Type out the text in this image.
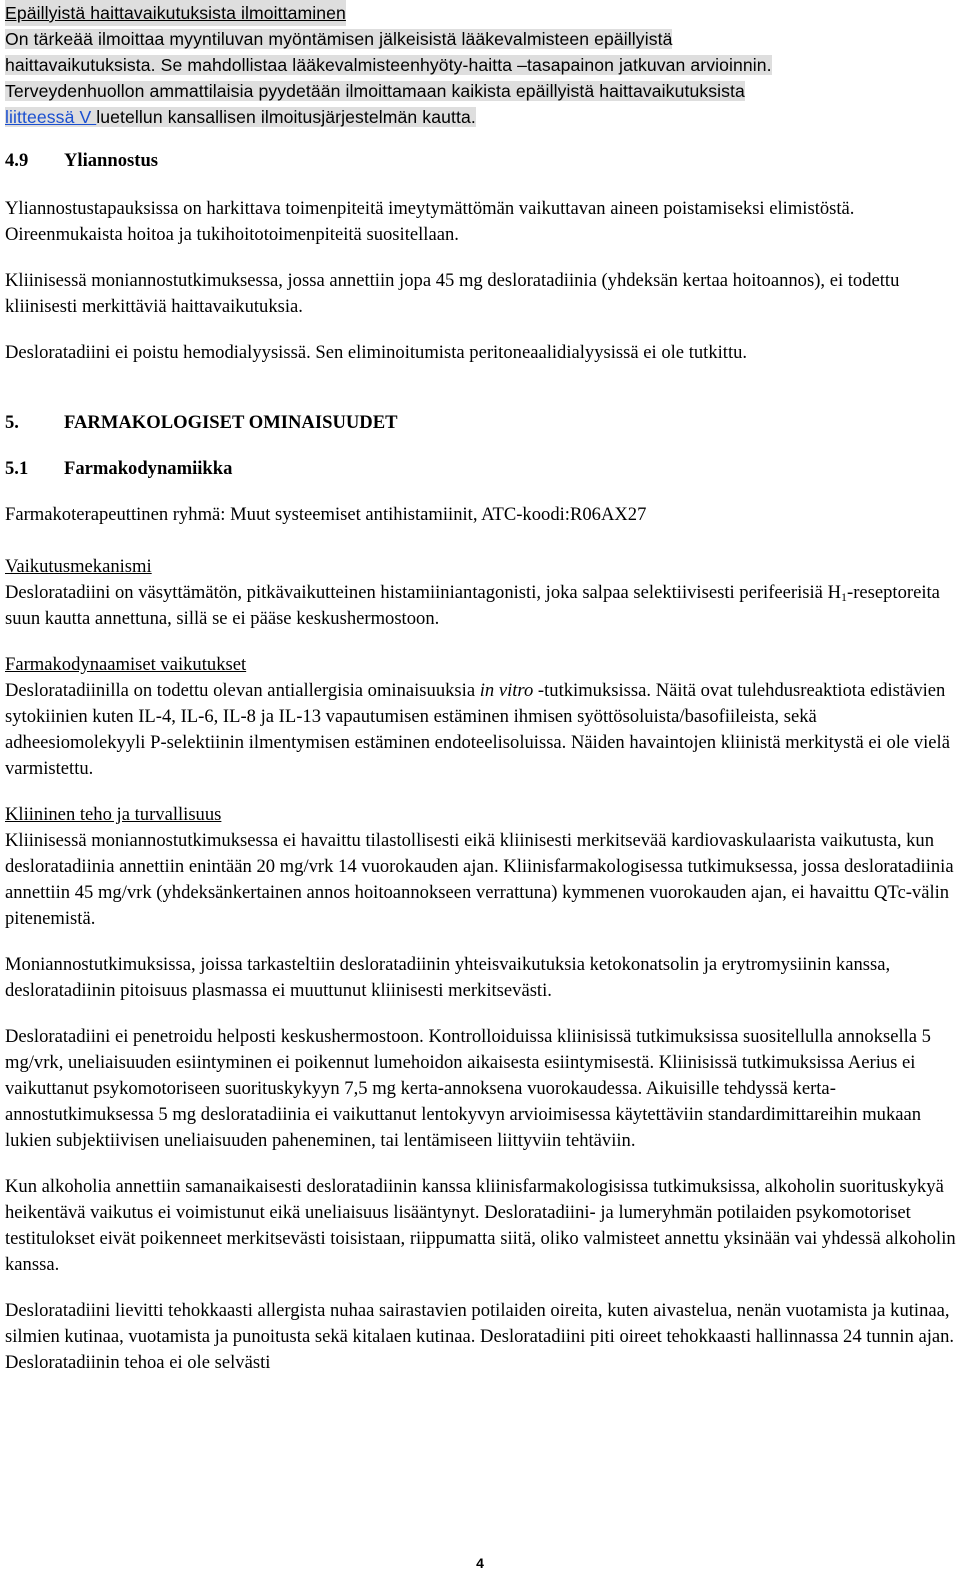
Epäillyistä haittavaikutuksista ilmoittaminen
On tärkeää ilmoittaa myyntiluvan myöntämisen jälkeisistä lääkevalmisteen epäillyistä
haittavaikutuksista. Se mahdollistaa lääkevalmisteenhyöty-haitta –tasapainon jatkuvan arvioinnin.
Terveydenhuollon ammattilaisia pyydetään ilmoittamaan kaikista epäillyistä haittavaikutuksista
liitteessä V luetellun kansallisen ilmoitusjärjestelmän kautta.
4.9	Yliannostus

Yliannostustapauksissa on harkittava toimenpiteitä imeytymättömän vaikuttavan aineen poistamiseksi elimistöstä. Oireenmukaista hoitoa ja tukihoitotoimenpiteitä suositellaan.

Kliinisessä moniannostutkimuksessa, jossa annettiin jopa 45 mg desloratadiinia (yhdeksän kertaa hoitoannos), ei todettu kliinisesti merkittäviä haittavaikutuksia.

Desloratadiini ei poistu hemodialyysissä. Sen eliminoitumista peritoneaalidialyysissä ei ole tutkittu.

5.	FARMAKOLOGISET OMINAISUUDET
5.1	Farmakodynamiikka

Farmakoterapeuttinen ryhmä: Muut systeemiset antihistamiinit, ATC-koodi:R06AX27

Vaikutusmekanismi

Desloratadiini on väsyttämätön, pitkävaikutteinen histamiiniantagonisti, joka salpaa selektiivisesti perifeerisiä $H_1$-reseptoreita suun kautta annettuna, sillä se ei pääse keskushermostoon.

Farmakodynaamiset vaikutukset

Desloratadiinilla on todettu olevan antiallergisia ominaisuuksia in vitro -tutkimuksissa. Näitä ovat tulehdusreaktiota edistävien sytokiinien kuten IL-4, IL-6, IL-8 ja IL-13 vapautumisen estäminen ihmisen syöttösoluista/basofiileista, sekä adheesiomolekyyli P-selektiinin ilmentymisen estäminen endoteelisoluissa. Näiden havaintojen kliinistä merkitystä ei ole vielä varmistettu.

Kliininen teho ja turvallisuus

Kliinisessä moniannostutkimuksessa ei havaittu tilastollisesti eikä kliinisesti merkitsevää kardiovaskulaarista vaikutusta, kun desloratadiinia annettiin enintään 20 mg/vrk 14 vuorokauden ajan. Kliinisfarmakologisessa tutkimuksessa, jossa desloratadiinia annettiin 45 mg/vrk (yhdeksänkertainen annos hoitoannokseen verrattuna) kymmenen vuorokauden ajan, ei havaittu QTc-välin pitenemistä.

Moniannostutkimuksissa, joissa tarkasteltiin desloratadiinin yhteisvaikutuksia ketokonatsolin ja erytromysiinin kanssa, desloratadiinin pitoisuus plasmassa ei muuttunut kliinisesti merkitsevästi.

Desloratadiini ei penetroidu helposti keskushermostoon. Kontrolloiduissa kliinisissä tutkimuksissa suositellulla annoksella 5 mg/vrk, uneliaisuuden esiintyminen ei poikennut lumehoidon aikaisesta esiintymisestä. Kliinisissä tutkimuksissa Aerius ei vaikuttanut psykomotoriseen suorituskykyyn 7,5 mg kerta-annoksena vuorokaudessa. Aikuisille tehdyssä kerta-annostutkimuksessa 5 mg desloratadiinia ei vaikuttanut lentokyvyn arvioimisessa käytettäviin standardimittareihin mukaan lukien subjektiivisen uneliaisuuden paheneminen, tai lentämiseen liittyviin tehtäviin.

Kun alkoholia annettiin samanaikaisesti desloratadiinin kanssa kliinisfarmakologisissa tutkimuksissa, alkoholin suorituskykyä heikentävä vaikutus ei voimistunut eikä uneliaisuus lisääntynyt. Desloratadiini- ja lumeryhmän potilaiden psykomotoriset testitulokset eivät poikenneet merkitsevästi toisistaan, riippumatta siitä, oliko valmisteet annettu yksinään vai yhdessä alkoholin kanssa.

Desloratadiini lievitti tehokkaasti allergista nuhaa sairastavien potilaiden oireita, kuten aivastelua, nenän vuotamista ja kutinaa, silmien kutinaa, vuotamista ja punoitusta sekä kitalaen kutinaa. Desloratadiini piti oireet tehokkaasti hallinnassa 24 tunnin ajan. Desloratadiinin tehoa ei ole selvästi

4
